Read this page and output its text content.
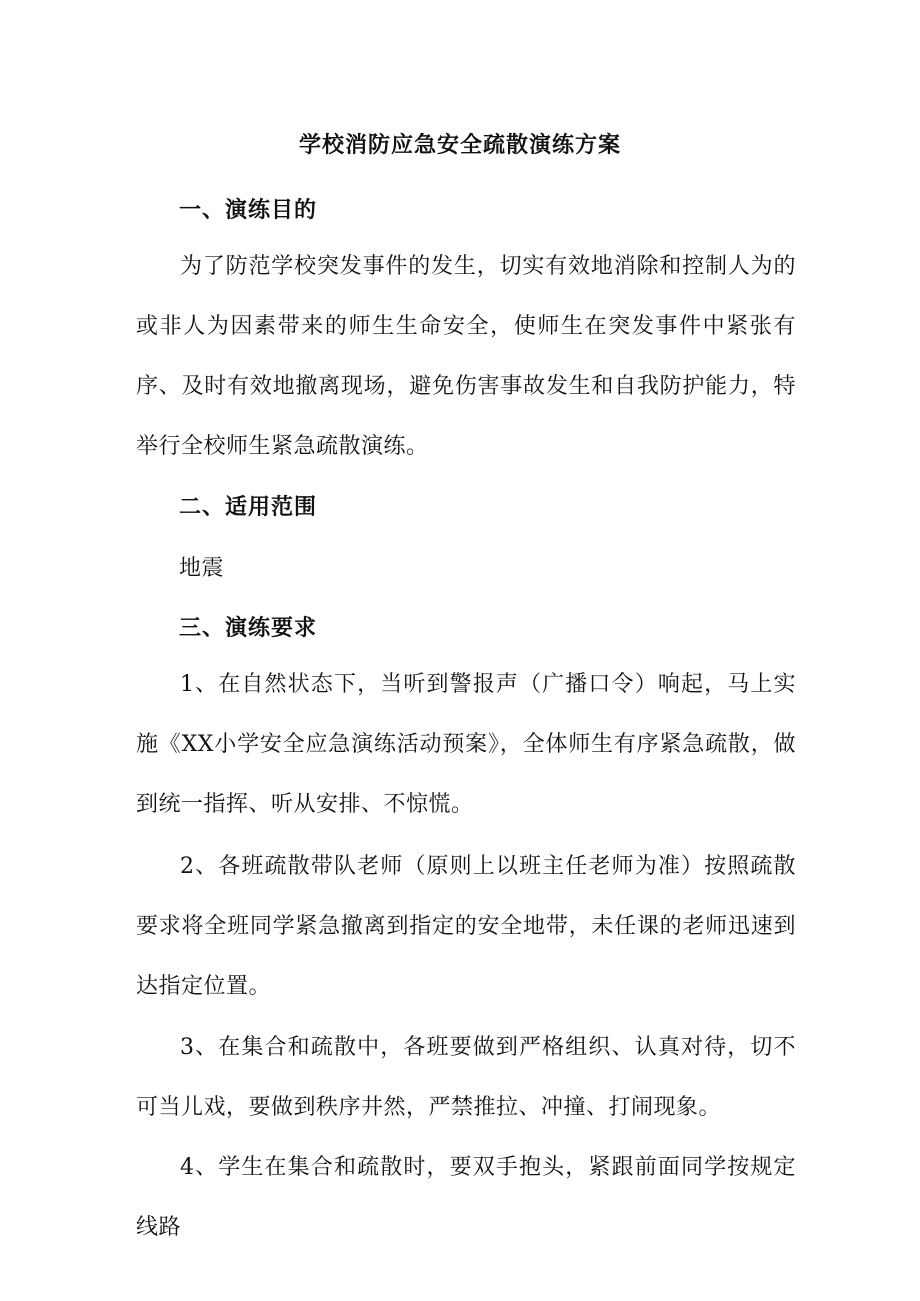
学校消防应急安全疏散演练方案
一、演练目的

为了防范学校突发事件的发生，切实有效地消除和控制人为的或非人为因素带来的师生生命安全，使师生在突发事件中紧张有序、及时有效地撤离现场，避免伤害事故发生和自我防护能力，特举行全校师生紧急疏散演练。

二、适用范围
地震
三、演练要求

1、在自然状态下，当听到警报声（广播口令）响起，马上实施《XX小学安全应急演练活动预案》，全体师生有序紧急疏散，做到统一指挥、听从安排、不惊慌。

2、各班疏散带队老师（原则上以班主任老师为准）按照疏散要求将全班同学紧急撤离到指定的安全地带，未任课的老师迅速到达指定位置。

3、在集合和疏散中，各班要做到严格组织、认真对待，切不可当儿戏，要做到秩序井然，严禁推拉、冲撞、打闹现象。

4、学生在集合和疏散时，要双手抱头，紧跟前面同学按规定线路
